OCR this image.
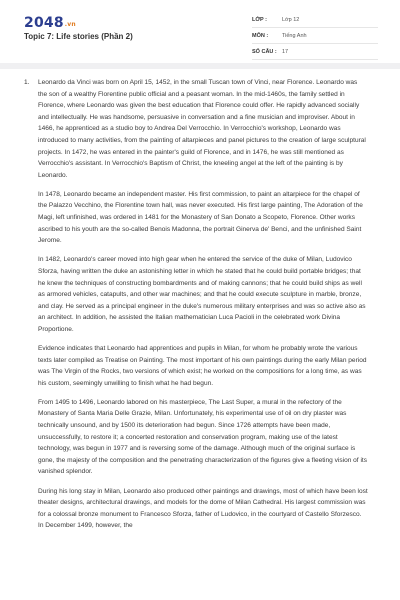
2048.vn
Topic 7: Life stories (Phần 2)
LỚP :	Lớp 12
MÔN :	Tiếng Anh
SỐ CÂU : 17
1.	Leonardo da Vinci was born on April 15, 1452, in the small Tuscan town of Vinci, near Florence. Leonardo was the son of a wealthy Florentine public official and a peasant woman. In the mid-1460s, the family settled in Florence, where Leonardo was given the best education that Florence could offer. He rapidly advanced socially and intellectually. He was handsome, persuasive in conversation and a fine musician and improviser. About in 1466, he apprenticed as a studio boy to Andrea Del Verrocchio. In Verrocchio's workshop, Leonardo was introduced to many activities, from the painting of altarpieces and panel pictures to the creation of large sculptural projects. In 1472, he was entered in the painter's guild of Florence, and in 1476, he was still mentioned as Verrocchio's assistant. In Verrocchio's Baptism of Christ, the kneeling angel at the left of the painting is by Leonardo.

In 1478, Leonardo became an independent master. His first commission, to paint an altarpiece for the chapel of the Palazzo Vecchino, the Florentine town hall, was never executed. His first large painting, The Adoration of the Magi, left unfinished, was ordered in 1481 for the Monastery of San Donato a Scopeto, Florence. Other works ascribed to his youth are the so-called Benois Madonna, the portrait Ginerva de' Benci, and the unfinished Saint Jerome.

In 1482, Leonardo's career moved into high gear when he entered the service of the duke of Milan, Ludovico Sforza, having written the duke an astonishing letter in which he stated that he could build portable bridges; that he knew the techniques of constructing bombardments and of making cannons; that he could build ships as well as armored vehicles, catapults, and other war machines; and that he could execute sculpture in marble, bronze, and clay. He served as a principal engineer in the duke's numerous military enterprises and was so active also as an architect. In addition, he assisted the Italian mathematician Luca Pacioli in the celebrated work Divina Proportione.

Evidence indicates that Leonardo had apprentices and pupils in Milan, for whom he probably wrote the various texts later compiled as Treatise on Painting. The most important of his own paintings during the early Milan period was The Virgin of the Rocks, two versions of which exist; he worked on the compositions for a long time, as was his custom, seemingly unwilling to finish what he had begun.

From 1495 to 1496, Leonardo labored on his masterpiece, The Last Super, a mural in the refectory of the Monastery of Santa Maria Delle Grazie, Milan. Unfortunately, his experimental use of oil on dry plaster was technically unsound, and by 1500 its deterioration had begun. Since 1726 attempts have been made, unsuccessfully, to restore it; a concerted restoration and conservation program, making use of the latest technology, was begun in 1977 and is reversing some of the damage. Although much of the original surface is gone, the majesty of the composition and the penetrating characterization of the figures give a fleeting vision of its vanished splendor.

During his long stay in Milan, Leonardo also produced other paintings and drawings, most of which have been lost theater designs, architectural drawings, and models for the dome of Milan Cathedral. His largest commission was for a colossal bronze monument to Francesco Sforza, father of Ludovico, in the courtyard of Castello Sforzesco. In December 1499, however, the
